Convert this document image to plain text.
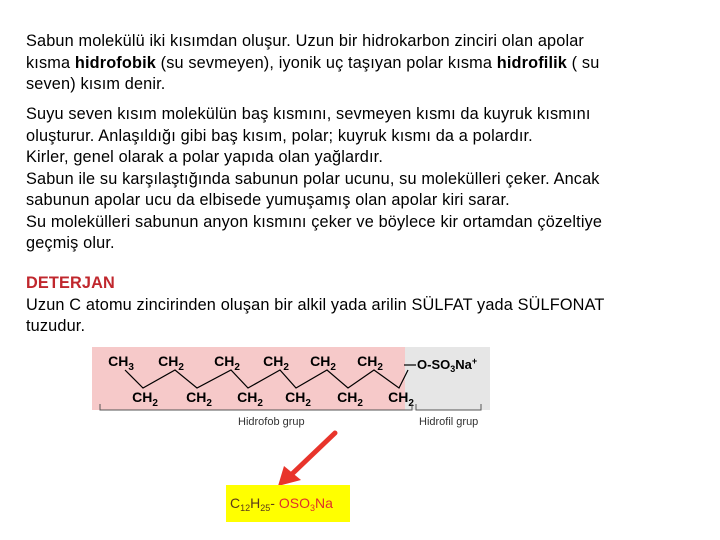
Sabun molekülü iki kısımdan oluşur. Uzun bir hidrokarbon zinciri olan apolar
kısma hidrofobik (su sevmeyen), iyonik uç taşıyan polar kısma hidrofilik ( su
seven) kısım denir.
Suyu seven kısım molekülün baş kısmını, sevmeyen kısmı da kuyruk kısmını
oluşturur. Anlaşıldığı gibi baş kısım, polar; kuyruk kısmı da a polardır.
Kirler, genel olarak a polar yapıda olan yağlardır.
Sabun ile su karşılaştığında sabunun polar ucunu, su molekülleri çeker. Ancak
sabunun apolar ucu da elbisede yumuşamış olan apolar kiri sarar.
Su molekülleri sabunun anyon kısmını çeker ve böylece kir ortamdan çözeltiye
geçmiş olur.
DETERJAN
Uzun C atomu zincirinden oluşan bir alkil yada arilin SÜLFAT yada SÜLFONAT
tuzudur.
$CH_3$ $CH_2$ $CH_2$ $CH_2$ $CH_2$ $CH_2$
$CH_2$ $CH_2$ $CH_2$ $CH_2$ $CH_2$ $CH_2$
$O-SO_3Na^+$
Hidrofob grup	Hidrofil grup
$C_{12}H_{25}-$ $OSO_3Na$
